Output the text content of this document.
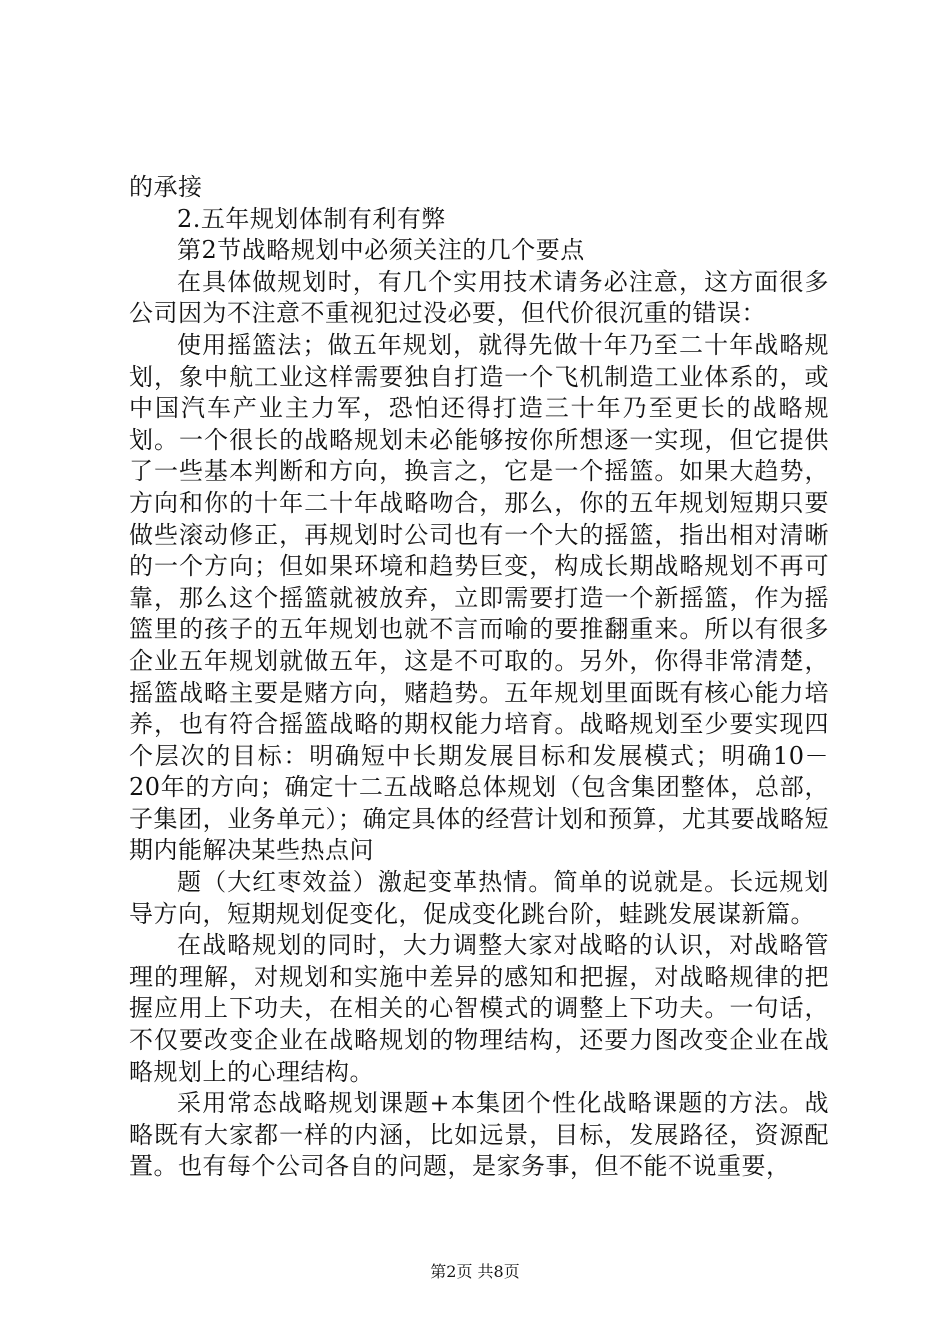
的承接

2.五年规划体制有利有弊

第2节战略规划中必须关注的几个要点

在具体做规划时，有几个实用技术请务必注意，这方面很多公司因为不注意不重视犯过没必要，但代价很沉重的错误：

使用摇篮法；做五年规划，就得先做十年乃至二十年战略规划，象中航工业这样需要独自打造一个飞机制造工业体系的，或中国汽车产业主力军，恐怕还得打造三十年乃至更长的战略规划。一个很长的战略规划未必能够按你所想逐一实现，但它提供了一些基本判断和方向，换言之，它是一个摇篮。如果大趋势，方向和你的十年二十年战略吻合，那么，你的五年规划短期只要做些滚动修正，再规划时公司也有一个大的摇篮，指出相对清晰的一个方向；但如果环境和趋势巨变，构成长期战略规划不再可靠，那么这个摇篮就被放弃，立即需要打造一个新摇篮，作为摇篮里的孩子的五年规划也就不言而喻的要推翻重来。所以有很多企业五年规划就做五年，这是不可取的。另外，你得非常清楚，摇篮战略主要是赌方向，赌趋势。五年规划里面既有核心能力培养，也有符合摇篮战略的期权能力培育。战略规划至少要实现四个层次的目标：明确短中长期发展目标和发展模式；明确10－20年的方向；确定十二五战略总体规划（包含集团整体，总部，子集团，业务单元）；确定具体的经营计划和预算，尤其要战略短期内能解决某些热点问

题（大红枣效益）激起变革热情。简单的说就是。长远规划导方向，短期规划促变化，促成变化跳台阶，蛙跳发展谋新篇。

在战略规划的同时，大力调整大家对战略的认识，对战略管理的理解，对规划和实施中差异的感知和把握，对战略规律的把握应用上下功夫，在相关的心智模式的调整上下功夫。一句话，不仅要改变企业在战略规划的物理结构，还要力图改变企业在战略规划上的心理结构。

采用常态战略规划课题+本集团个性化战略课题的方法。战略既有大家都一样的内涵，比如远景，目标，发展路径，资源配置。也有每个公司各自的问题，是家务事，但不能不说重要，

第2页 共8页
